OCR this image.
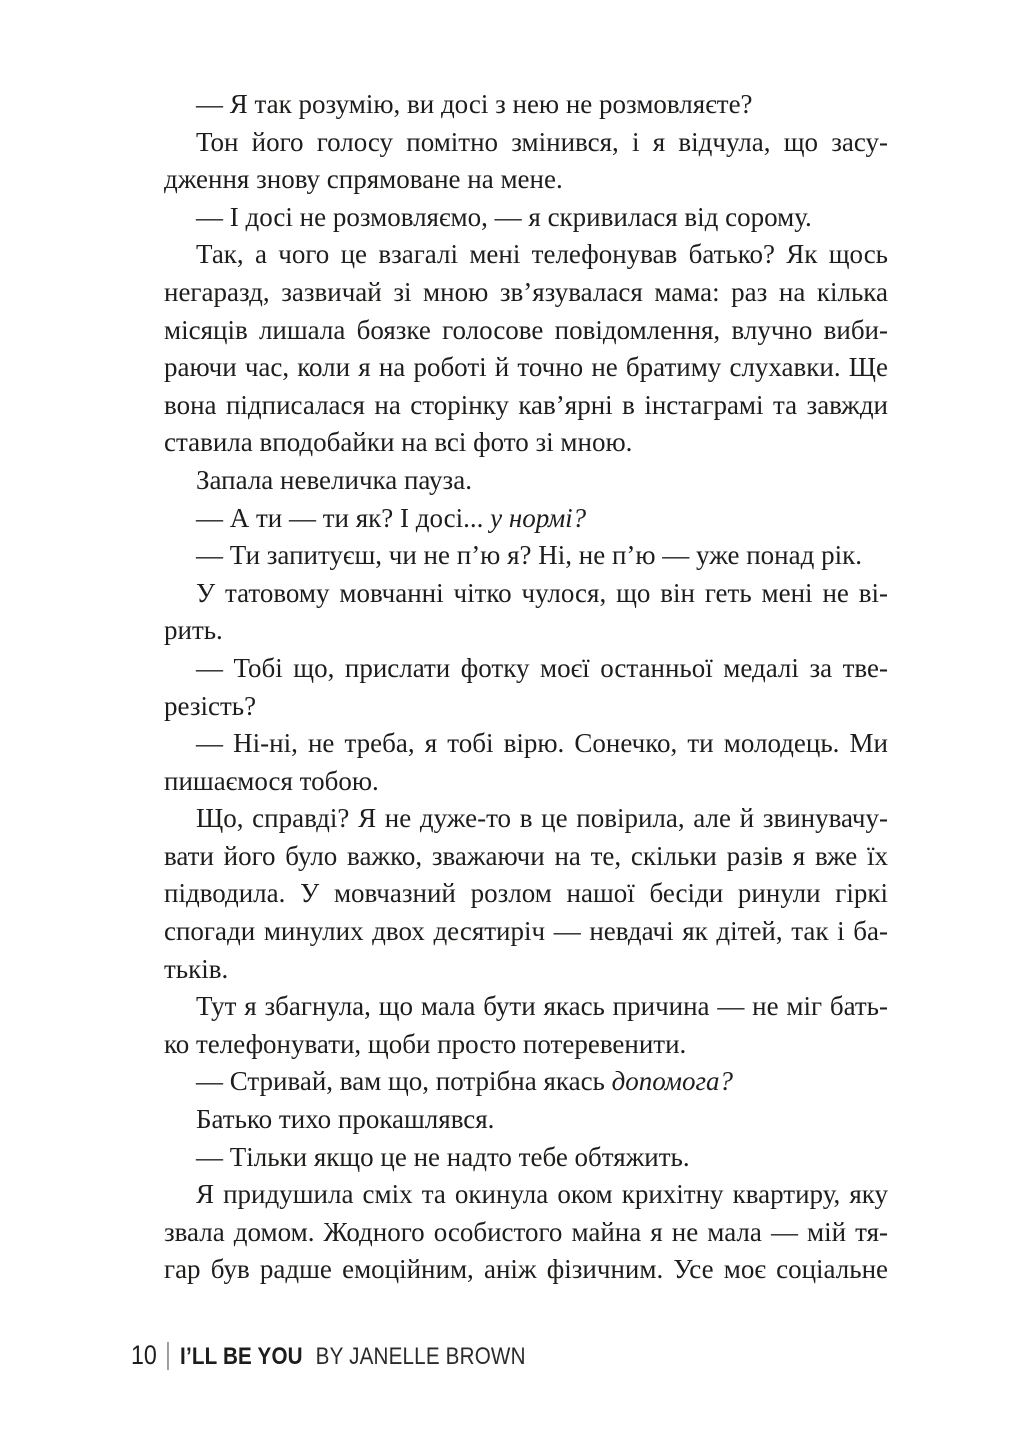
— Я так розумію, ви досі з нею не розмовляєте?
Тон його голосу помітно змінився, і я відчула, що засу-
дження знову спрямоване на мене.
— І досі не розмовляємо, — я скривилася від сорому.
Так, а чого це взагалі мені телефонував батько? Як щось
негаразд, зазвичай зі мною зв’язувалася мама: раз на кілька
місяців лишала боязке голосове повідомлення, влучно виби-
раючи час, коли я на роботі й точно не братиму слухавки. Ще
вона підписалася на сторінку кав’ярні в інстаграмі та завжди
ставила вподобайки на всі фото зі мною.
Запала невеличка пауза.
— А ти — ти як? І досі... у нормі?
— Ти запитуєш, чи не п’ю я? Ні, не п’ю — уже понад рік.
У татовому мовчанні чітко чулося, що він геть мені не ві-
рить.
— Тобі що, прислати фотку моєї останньої медалі за тве-
резість?
— Ні-ні, не треба, я тобі вірю. Сонечко, ти молодець. Ми
пишаємося тобою.
Що, справді? Я не дуже-то в це повірила, але й звинувачу-
вати його було важко, зважаючи на те, скільки разів я вже їх
підводила. У мовчазний розлом нашої бесіди ринули гіркі
спогади минулих двох десятиріч — невдачі як дітей, так і ба-
тьків.
Тут я збагнула, що мала бути якась причина — не міг бать-
ко телефонувати, щоби просто потеревенити.
— Стривай, вам що, потрібна якась допомога?
Батько тихо прокашлявся.
— Тільки якщо це не надто тебе обтяжить.
Я придушила сміх та окинула оком крихітну квартиру, яку
звала домом. Жодного особистого майна я не мала — мій тя-
гар був радше емоційним, аніж фізичним. Усе моє соціальне
10 I’LL BE YOU BY JANELLE BROWN
